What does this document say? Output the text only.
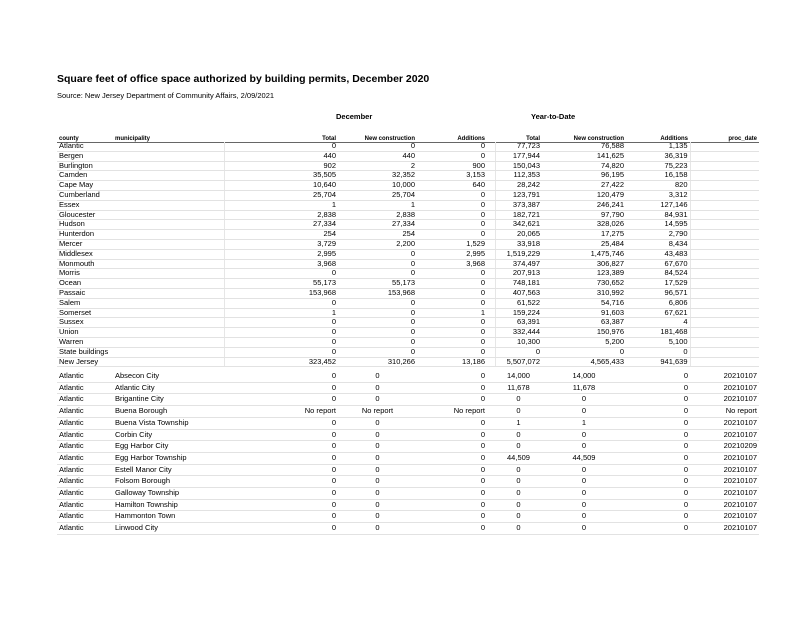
Square feet of office space authorized by building permits, December 2020
Source: New Jersey Department of Community Affairs, 2/09/2021
December	Year-to-Date
county	municipality	Total	New construction	Additions		Total	New construction	Additions	proc_date
Atlantic		0	0	0		77,723	76,588	1,135	
Bergen		440	440	0		177,944	141,625	36,319	
Burlington		902	2	900		150,043	74,820	75,223	
Camden		35,505	32,352	3,153		112,353	96,195	16,158	
Cape May		10,640	10,000	640		28,242	27,422	820	
Cumberland		25,704	25,704	0		123,791	120,479	3,312	
Essex		1	1	0		373,387	246,241	127,146	
Gloucester		2,838	2,838	0		182,721	97,790	84,931	
Hudson		27,334	27,334	0		342,621	328,026	14,595	
Hunterdon		254	254	0		20,065	17,275	2,790	
Mercer		3,729	2,200	1,529		33,918	25,484	8,434	
Middlesex		2,995	0	2,995		1,519,229	1,475,746	43,483	
Monmouth		3,968	0	3,968		374,497	306,827	67,670	
Morris		0	0	0		207,913	123,389	84,524	
Ocean		55,173	55,173	0		748,181	730,652	17,529	
Passaic		153,968	153,968	0		407,563	310,992	96,571	
Salem		0	0	0		61,522	54,716	6,806	
Somerset		1	0	1		159,224	91,603	67,621	
Sussex		0	0	0		63,391	63,387	4	
Union		0	0	0		332,444	150,976	181,468	
Warren		0	0	0		10,300	5,200	5,100	
State buildings		0	0	0		0	0	0	
New Jersey		323,452	310,266	13,186		5,507,072	4,565,433	941,639	
Atlantic	Absecon City	0	0	0		14,000	14,000	0	20210107
Atlantic	Atlantic City	0	0	0		11,678	11,678	0	20210107
Atlantic	Brigantine City	0	0	0		0	0	0	20210107
Atlantic	Buena Borough	No report	No report	No report		0	0	0	No report
Atlantic	Buena Vista Township	0	0	0		1	1	0	20210107
Atlantic	Corbin City	0	0	0		0	0	0	20210107
Atlantic	Egg Harbor City	0	0	0		0	0	0	20210209
Atlantic	Egg Harbor Township	0	0	0		44,509	44,509	0	20210107
Atlantic	Estell Manor City	0	0	0		0	0	0	20210107
Atlantic	Folsom Borough	0	0	0		0	0	0	20210107
Atlantic	Galloway Township	0	0	0		0	0	0	20210107
Atlantic	Hamilton Township	0	0	0		0	0	0	20210107
Atlantic	Hammonton Town	0	0	0		0	0	0	20210107
Atlantic	Linwood City	0	0	0		0	0	0	20210107
